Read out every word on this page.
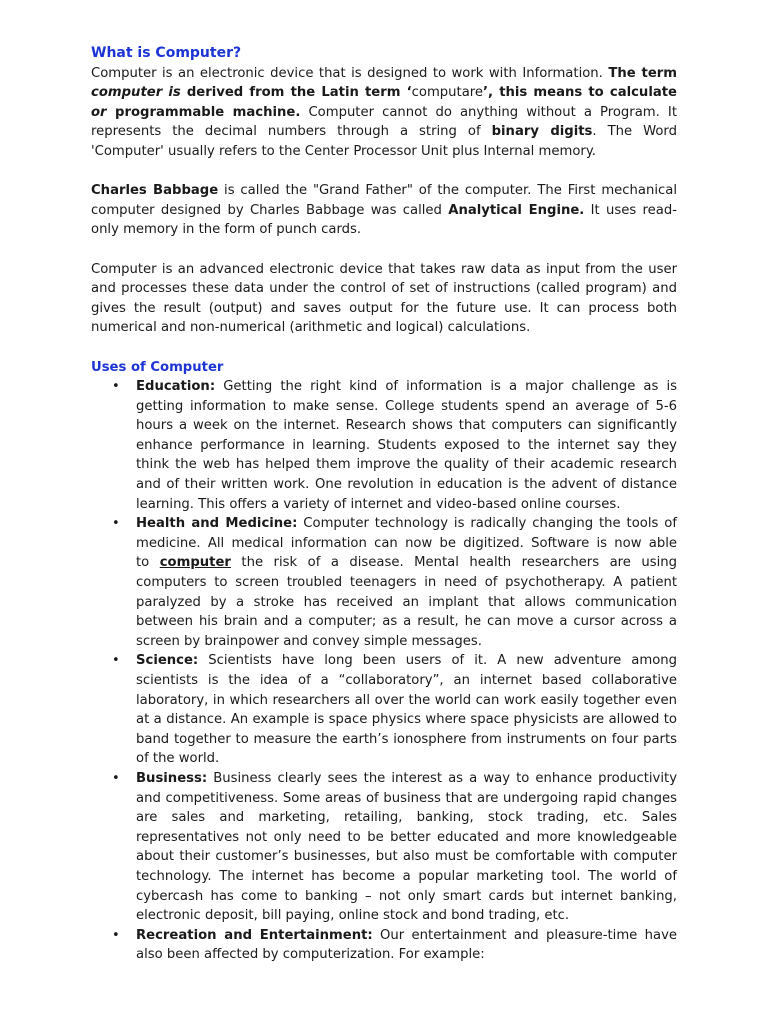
What is Computer?

Computer is an electronic device that is designed to work with Information. The term computer is derived from the Latin term ‘computare’, this means to calculate or programmable machine. Computer cannot do anything without a Program. It represents the decimal numbers through a string of binary digits. The Word 'Computer' usually refers to the Center Processor Unit plus Internal memory.

Charles Babbage is called the "Grand Father" of the computer. The First mechanical computer designed by Charles Babbage was called Analytical Engine. It uses read-only memory in the form of punch cards.

Computer is an advanced electronic device that takes raw data as input from the user and processes these data under the control of set of instructions (called program) and gives the result (output) and saves output for the future use. It can process both numerical and non-numerical (arithmetic and logical) calculations.

Uses of Computer
• Education: Getting the right kind of information is a major challenge as is getting information to make sense. College students spend an average of 5-6 hours a week on the internet. Research shows that computers can significantly enhance performance in learning. Students exposed to the internet say they think the web has helped them improve the quality of their academic research and of their written work. One revolution in education is the advent of distance learning. This offers a variety of internet and video-based online courses.
• Health and Medicine: Computer technology is radically changing the tools of medicine. All medical information can now be digitized. Software is now able to computer the risk of a disease. Mental health researchers are using computers to screen troubled teenagers in need of psychotherapy. A patient paralyzed by a stroke has received an implant that allows communication between his brain and a computer; as a result, he can move a cursor across a screen by brainpower and convey simple messages.
• Science: Scientists have long been users of it. A new adventure among scientists is the idea of a “collaboratory”, an internet based collaborative laboratory, in which researchers all over the world can work easily together even at a distance. An example is space physics where space physicists are allowed to band together to measure the earth’s ionosphere from instruments on four parts of the world.
• Business: Business clearly sees the interest as a way to enhance productivity and competitiveness. Some areas of business that are undergoing rapid changes are sales and marketing, retailing, banking, stock trading, etc. Sales representatives not only need to be better educated and more knowledgeable about their customer’s businesses, but also must be comfortable with computer technology. The internet has become a popular marketing tool. The world of cybercash has come to banking – not only smart cards but internet banking, electronic deposit, bill paying, online stock and bond trading, etc.
• Recreation and Entertainment: Our entertainment and pleasure-time have also been affected by computerization. For example:
